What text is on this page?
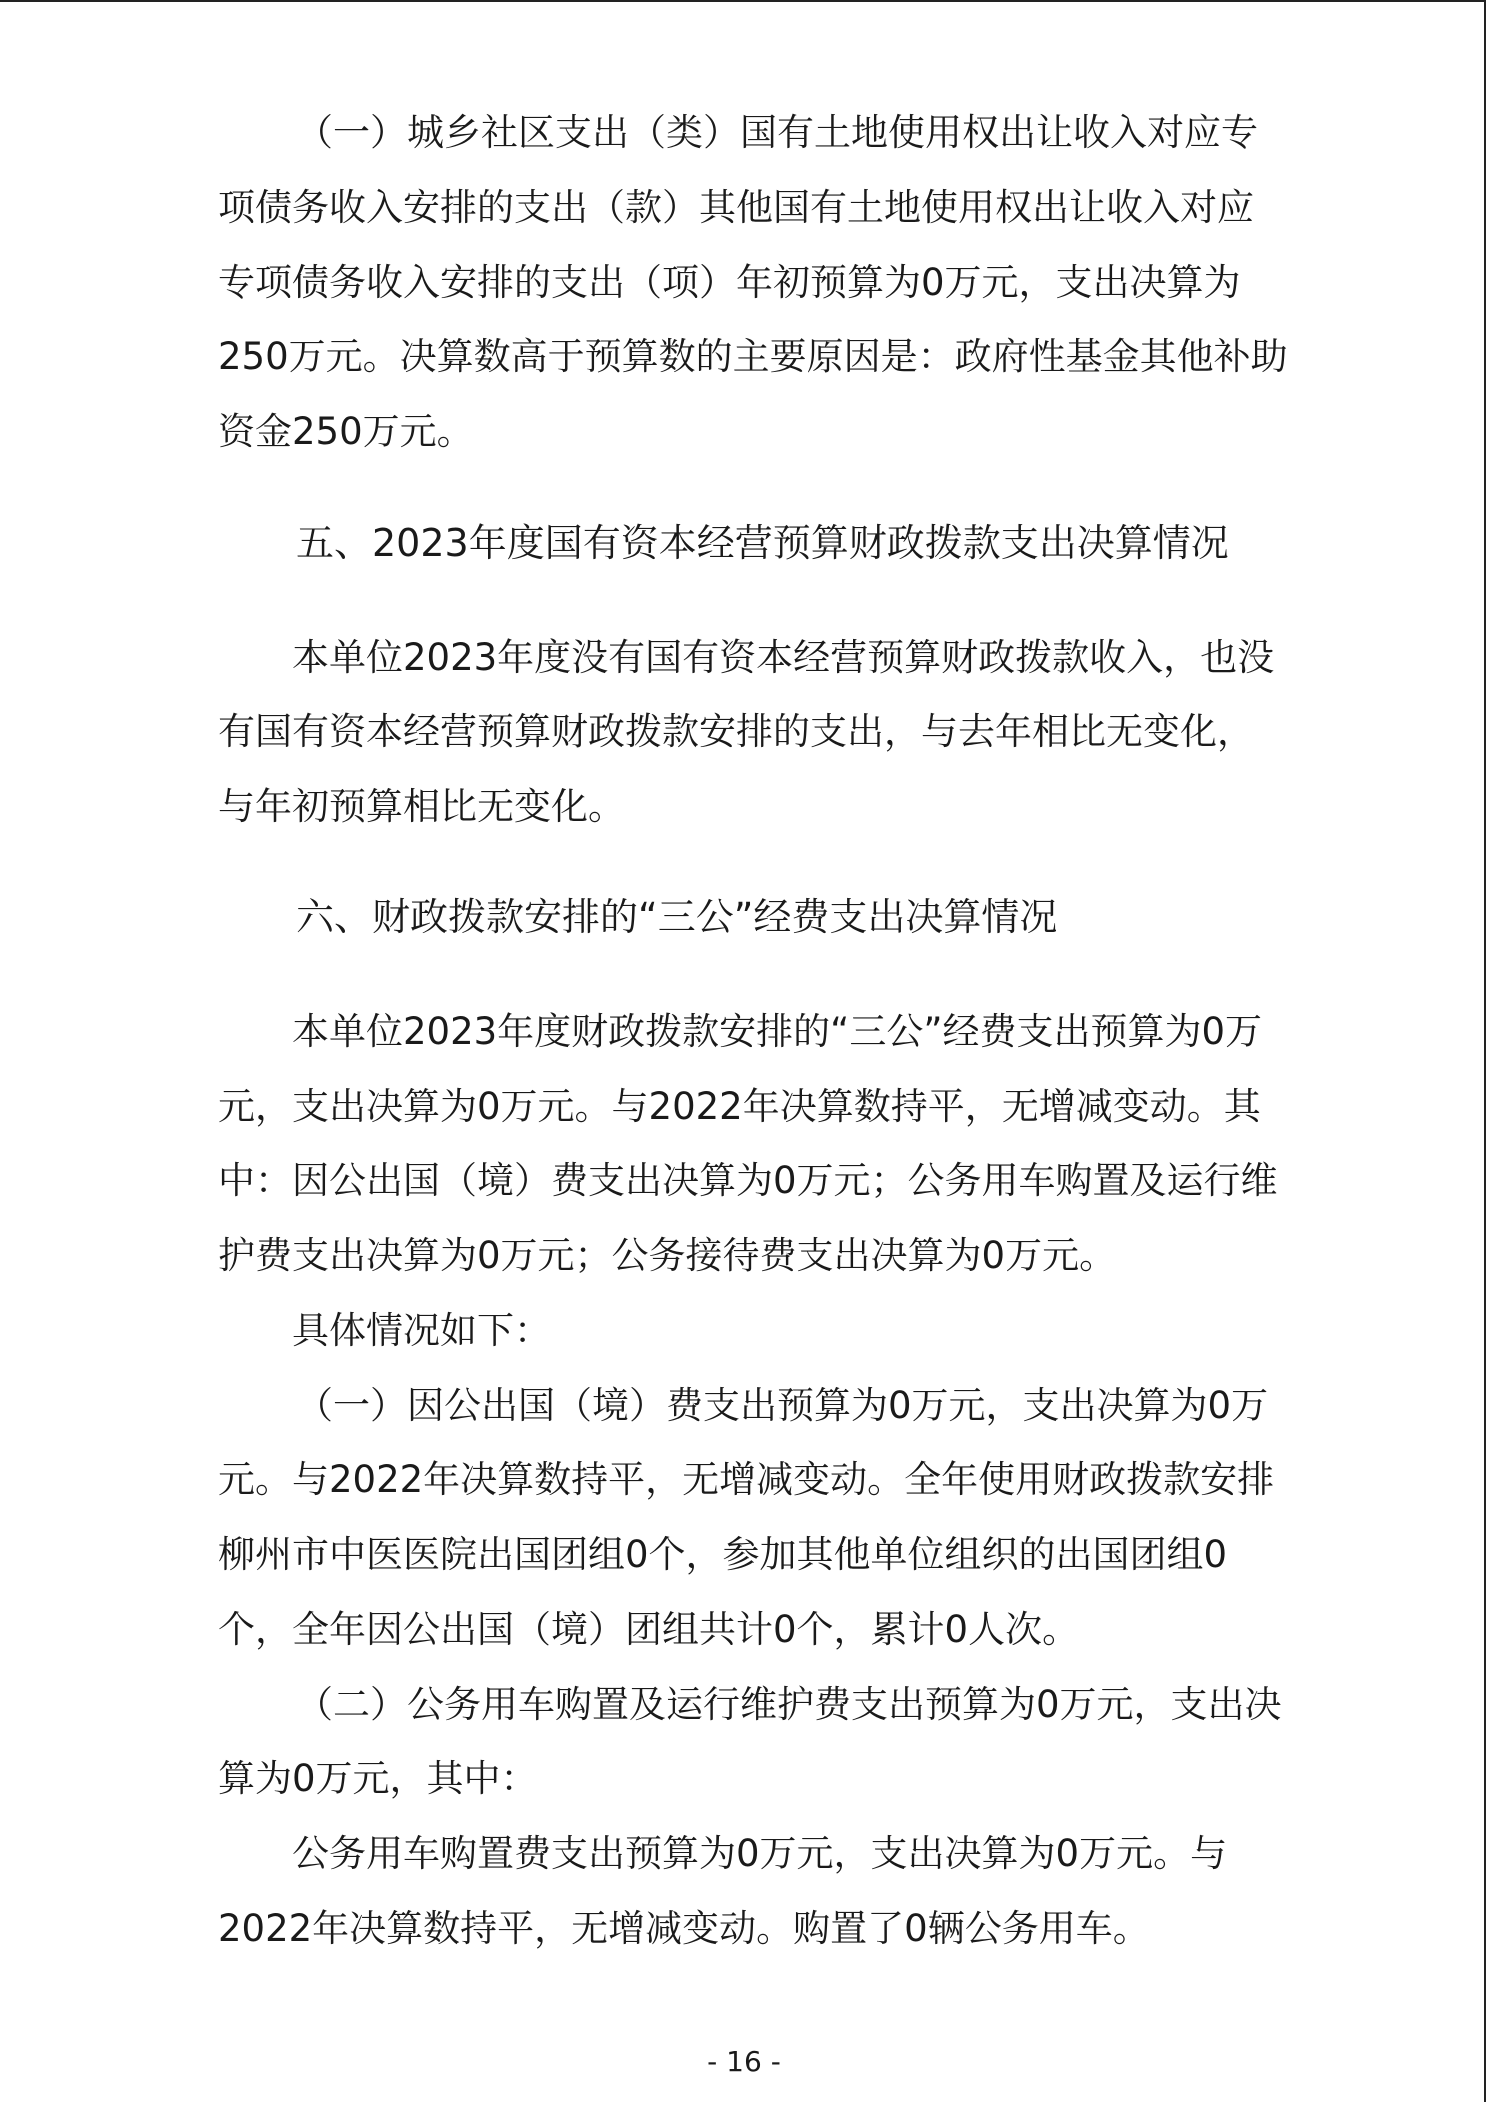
（一）城乡社区支出（类）国有土地使用权出让收入对应专
项债务收入安排的支出（款）其他国有土地使用权出让收入对应
专项债务收入安排的支出（项）年初预算为0万元，支出决算为
250万元。决算数高于预算数的主要原因是：政府性基金其他补助
资金250万元。
五、2023年度国有资本经营预算财政拨款支出决算情况
本单位2023年度没有国有资本经营预算财政拨款收入，也没
有国有资本经营预算财政拨款安排的支出，与去年相比无变化，
与年初预算相比无变化。
六、财政拨款安排的“三公”经费支出决算情况
本单位2023年度财政拨款安排的“三公”经费支出预算为0万
元，支出决算为0万元。与2022年决算数持平，无增减变动。其
中：因公出国（境）费支出决算为0万元；公务用车购置及运行维
护费支出决算为0万元；公务接待费支出决算为0万元。
具体情况如下：
（一）因公出国（境）费支出预算为0万元，支出决算为0万
元。与2022年决算数持平，无增减变动。全年使用财政拨款安排
柳州市中医医院出国团组0个，参加其他单位组织的出国团组0
个，全年因公出国（境）团组共计0个，累计0人次。
（二）公务用车购置及运行维护费支出预算为0万元，支出决
算为0万元，其中：
公务用车购置费支出预算为0万元，支出决算为0万元。与
2022年决算数持平，无增减变动。购置了0辆公务用车。
- 16 -
